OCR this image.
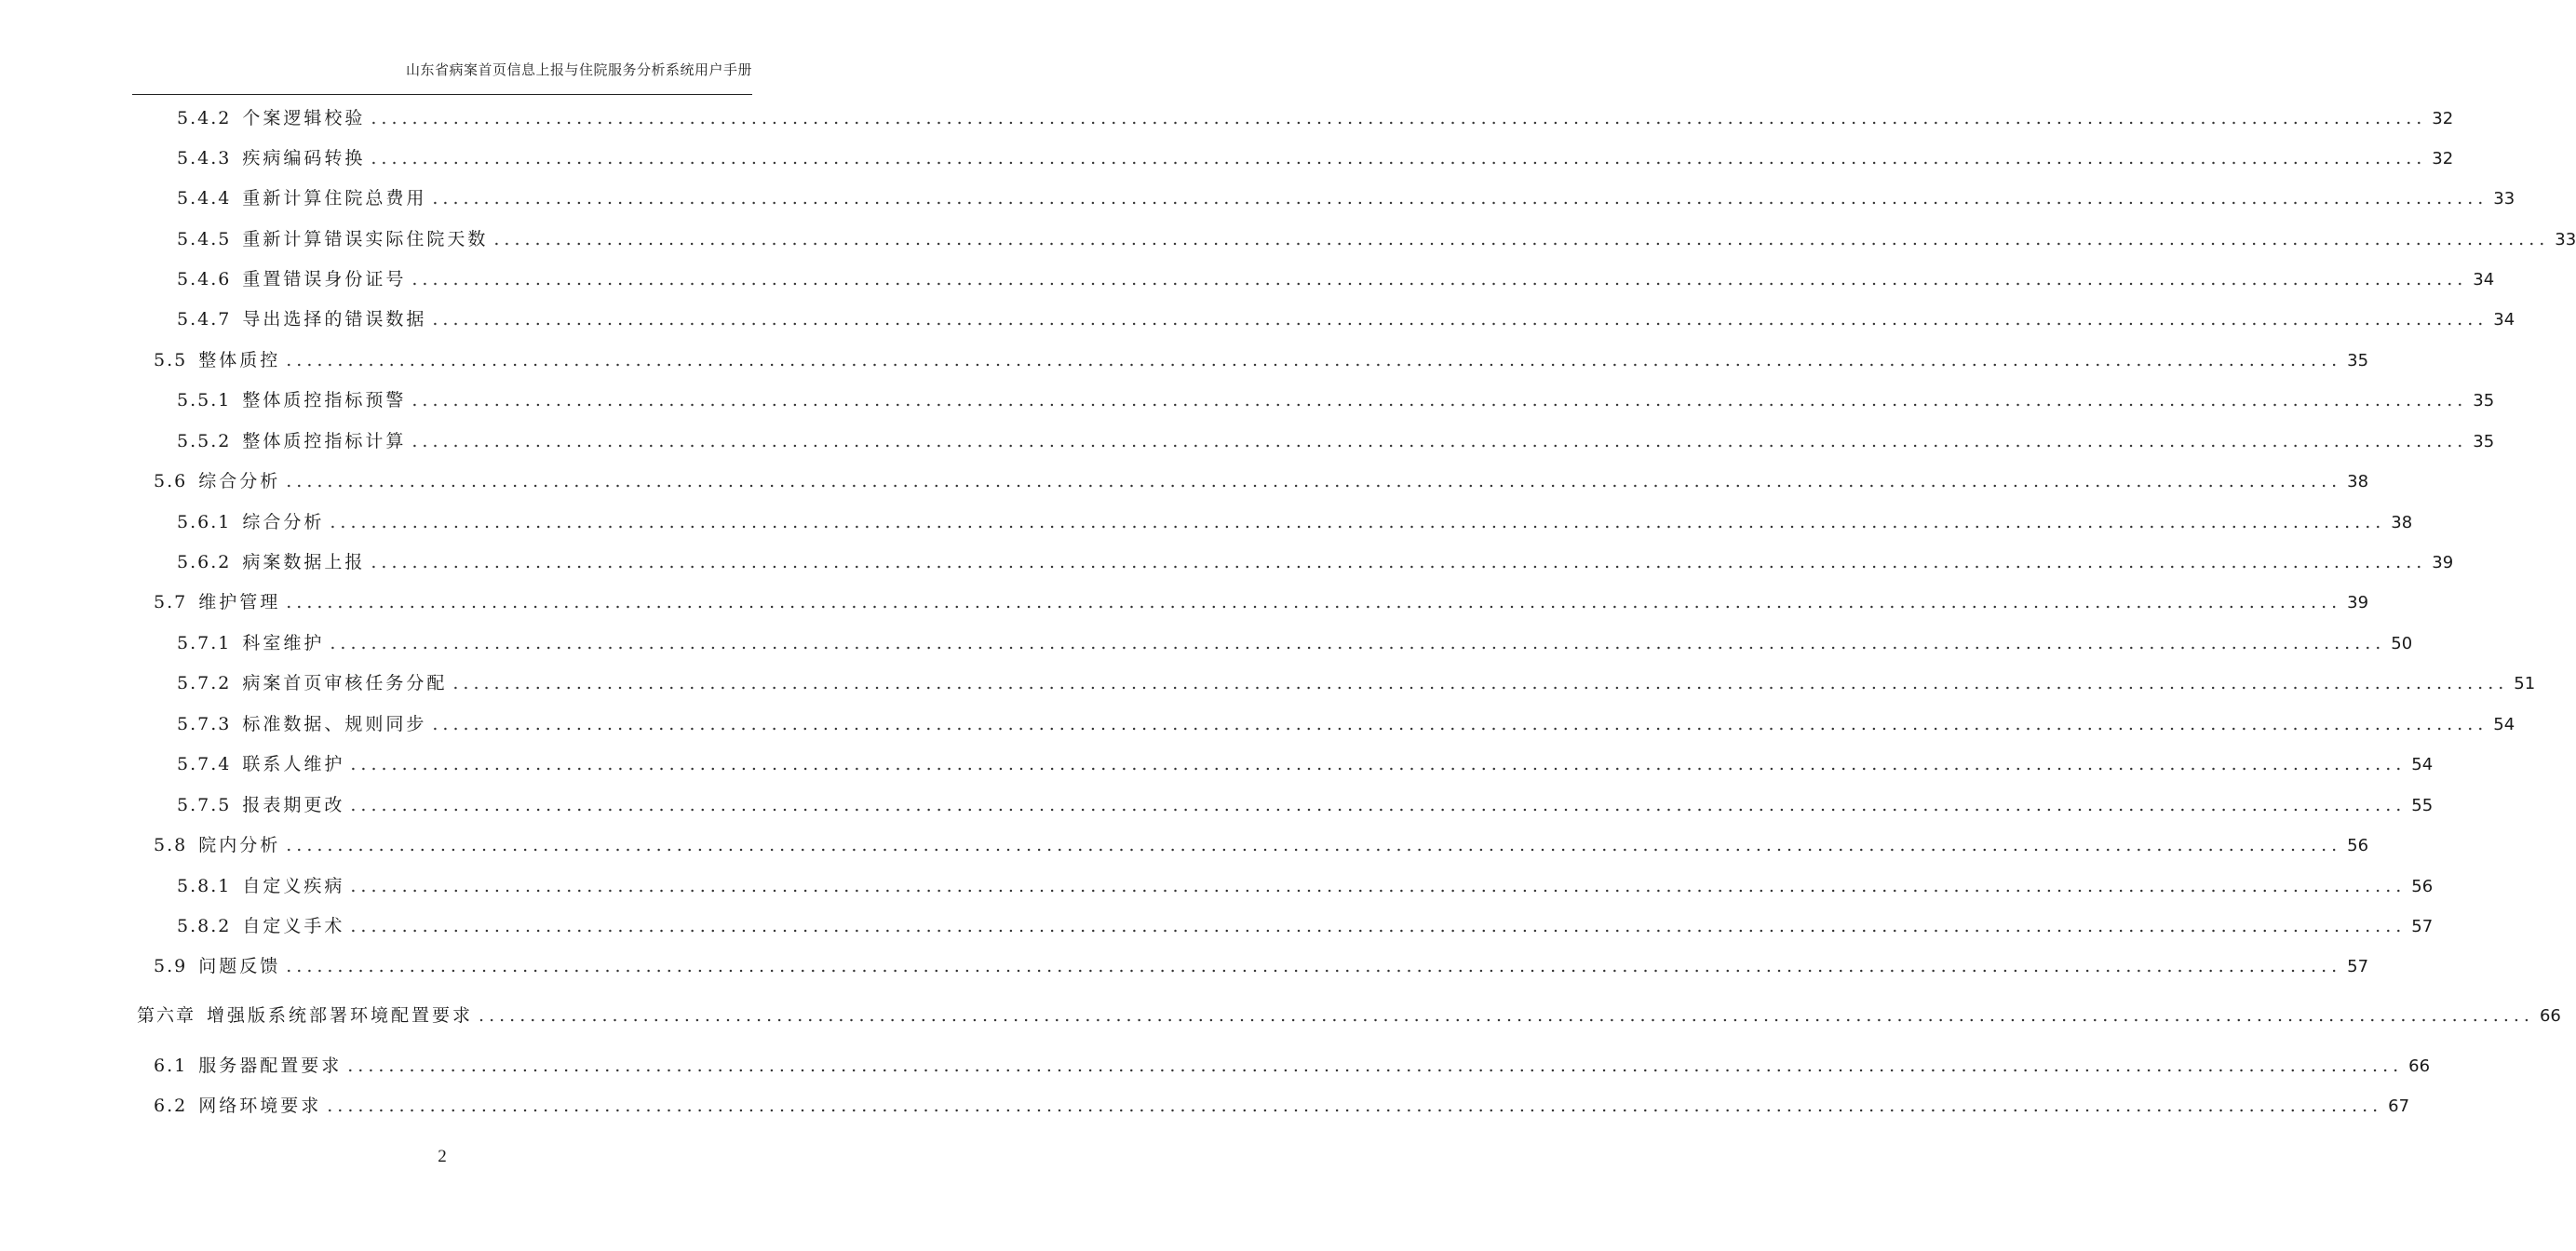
山东省病案首页信息上报与住院服务分析系统用户手册
5.4.2 个案逻辑校验 ........................................................................................................................................................................................................ 32
5.4.3 疾病编码转换 ........................................................................................................................................................................................................ 32
5.4.4 重新计算住院总费用 ........................................................................................................................................................................................................ 33
5.4.5 重新计算错误实际住院天数 ........................................................................................................................................................................................................ 33
5.4.6 重置错误身份证号 ........................................................................................................................................................................................................ 34
5.4.7 导出选择的错误数据 ........................................................................................................................................................................................................ 34
5.5 整体质控 ........................................................................................................................................................................................................ 35
5.5.1 整体质控指标预警 ........................................................................................................................................................................................................ 35
5.5.2 整体质控指标计算 ........................................................................................................................................................................................................ 35
5.6 综合分析 ........................................................................................................................................................................................................ 38
5.6.1 综合分析 ........................................................................................................................................................................................................ 38
5.6.2 病案数据上报 ........................................................................................................................................................................................................ 39
5.7 维护管理 ........................................................................................................................................................................................................ 39
5.7.1 科室维护 ........................................................................................................................................................................................................ 50
5.7.2 病案首页审核任务分配 ........................................................................................................................................................................................................ 51
5.7.3 标准数据、规则同步 ........................................................................................................................................................................................................ 54
5.7.4 联系人维护 ........................................................................................................................................................................................................ 54
5.7.5 报表期更改 ........................................................................................................................................................................................................ 55
5.8 院内分析 ........................................................................................................................................................................................................ 56
5.8.1 自定义疾病 ........................................................................................................................................................................................................ 56
5.8.2 自定义手术 ........................................................................................................................................................................................................ 57
5.9 问题反馈 ........................................................................................................................................................................................................ 57
第六章 增强版系统部署环境配置要求 ........................................................................................................................................................................................................ 66
6.1 服务器配置要求 ........................................................................................................................................................................................................ 66
6.2 网络环境要求 ........................................................................................................................................................................................................ 67
2
